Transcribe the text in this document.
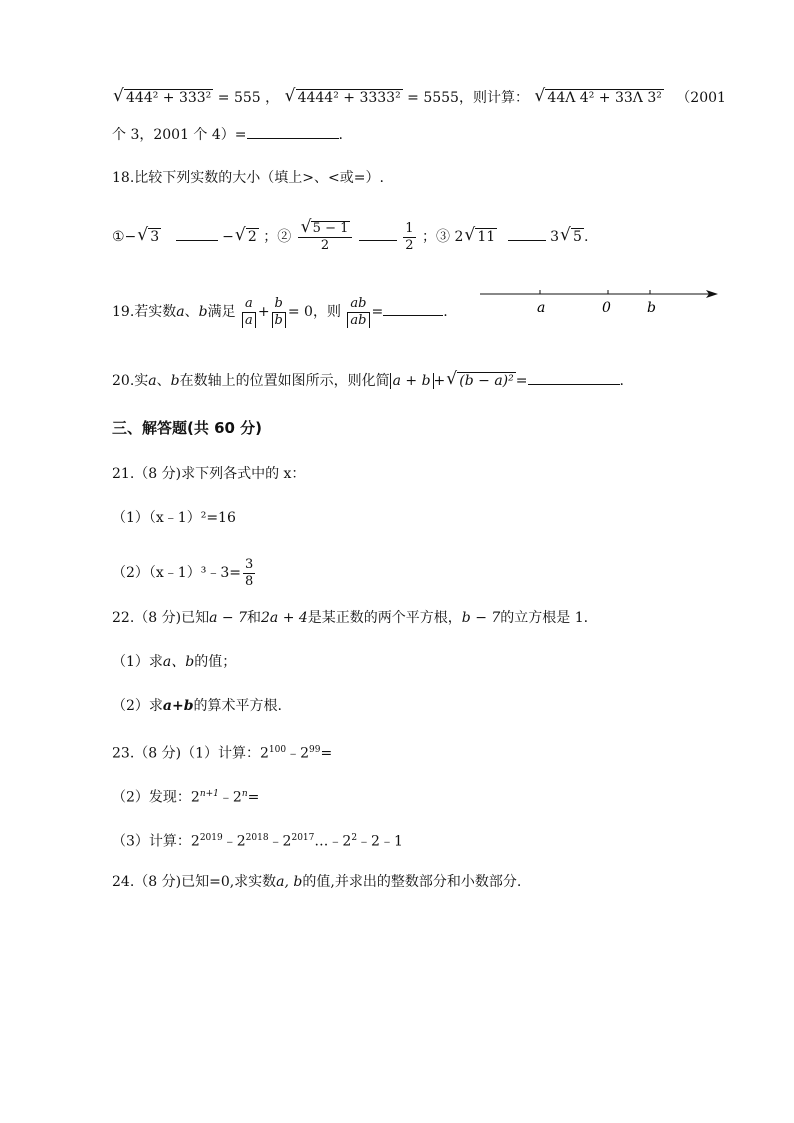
√ 444² + 333² = 555 ， √ 4444² + 3333² = 5555，则计算： √ 44Λ 4² + 33Λ 3² （2001
个 3，2001 个 4）=	.
18.比较下列实数的大小（填上>、<或=）.
①− √ 3	− √ 2 ；② √ $\frac{5 - 1}{2}$
	$\frac{1}{2}$ ；③ 2 √ 11	3 √ 5 .
19.若实数a、b满足 $\frac{a}{a} + \frac{b}{b} = 0$，则 $\frac{ab}{ab}$ =	.	a	0	b
20.实a、b在数轴上的位置如图所示，则化简 a + b + √ (b − a)² =	.
三、解答题(共 60 分)
21.（8 分)求下列各式中的 x：
（1）（x﹣1）²=16
（2）（x﹣1）³﹣3= $\frac{3}{8}$
22.（8 分)已知a − 7和2a + 4是某正数的两个平方根，b − 7的立方根是 1.
（1）求a、b的值；
（2）求a+b的算术平方根.
23.（8 分)（1）计算：$2^{100}﹣2^{99}=$
（2）发现：$2^{n+1}﹣2^n=$
（3）计算：$2^{2019}﹣2^{2018}﹣2^{2017}\dots﹣2^2﹣2﹣1$
24.（8 分)已知=0,求实数a, b的值,并求出的整数部分和小数部分.
